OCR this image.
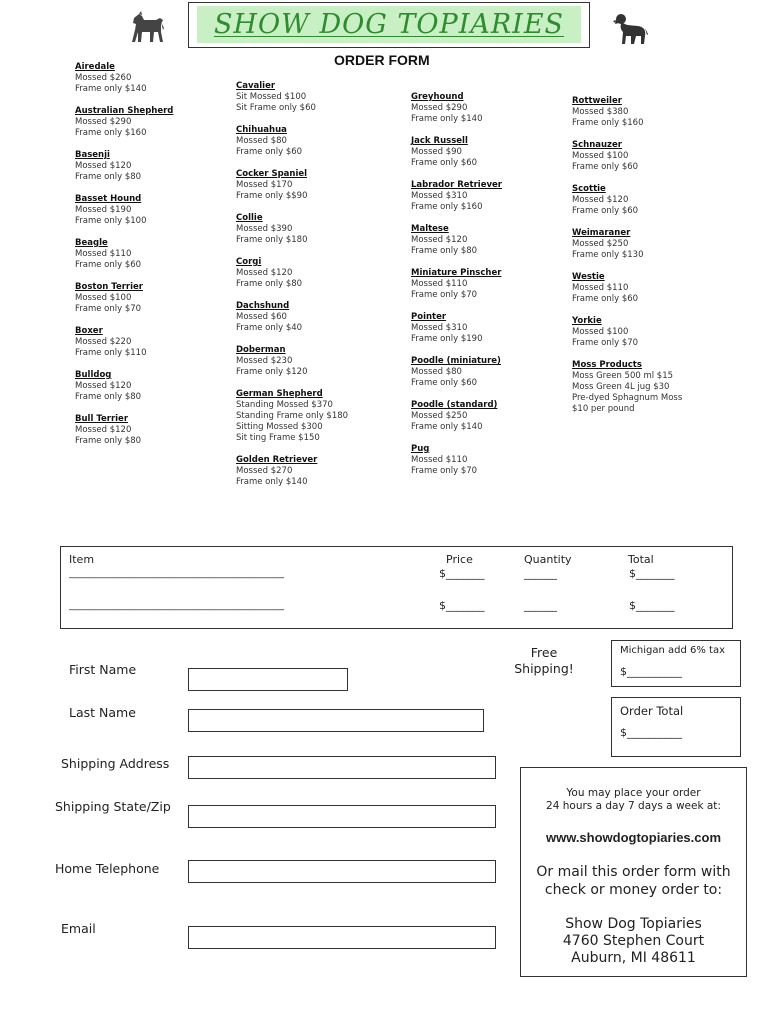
SHOW DOG TOPIARIES
ORDER FORM
Airedale
Mossed $260
Frame only $140
Australian Shepherd
Mossed $290
Frame only $160
Basenji
Mossed $120
Frame only $80
Basset Hound
Mossed $190
Frame only $100
Beagle
Mossed $110
Frame only $60
Boston Terrier
Mossed $100
Frame only $70
Boxer
Mossed $220
Frame only $110
Bulldog
Mossed $120
Frame only $80
Bull Terrier
Mossed $120
Frame only $80
Cavalier
Sit Mossed $100
Sit Frame only $60
Chihuahua
Mossed $80
Frame only $60
Cocker Spaniel
Mossed $170
Frame only $$90
Collie
Mossed $390
Frame only $180
Corgi
Mossed $120
Frame only $80
Dachshund
Mossed $60
Frame only $40
Doberman
Mossed $230
Frame only $120
German Shepherd
Standing Mossed $370
Standing Frame only $180
Sitting Mossed $300
Sit ting Frame $150
Golden Retriever
Mossed $270
Frame only $140
Greyhound
Mossed $290
Frame only $140
Jack Russell
Mossed $90
Frame only $60
Labrador Retriever
Mossed $310
Frame only $160
Maltese
Mossed $120
Frame only $80
Miniature Pinscher
Mossed $110
Frame only $70
Pointer
Mossed $310
Frame only $190
Poodle (miniature)
Mossed $80
Frame only $60
Poodle (standard)
Mossed $250
Frame only $140
Pug
Mossed $110
Frame only $70
Rottweiler
Mossed $380
Frame only $160
Schnauzer
Mossed $100
Frame only $60
Scottie
Mossed $120
Frame only $60
Weimaraner
Mossed $250
Frame only $130
Westie
Mossed $110
Frame only $60
Yorkie
Mossed $100
Frame only $70
Moss Products
Moss Green 500 ml $15
Moss Green 4L jug $30
Pre-dyed Sphagnum Moss
$10 per pound
Item	Price	Quantity	Total
___________________________________________	$_______	______	$_______
___________________________________________	$_______	______	$_______
First Name
Last Name
Shipping Address
Shipping State/Zip
Home Telephone
Email
Free Shipping!
Michigan add 6% tax
$__________
Order Total
$__________
You may place your order
24 hours a day 7 days a week at:
www.showdogtopiaries.com
Or mail this order form with
check or money order to:
Show Dog Topiaries
4760 Stephen Court
Auburn, MI 48611
